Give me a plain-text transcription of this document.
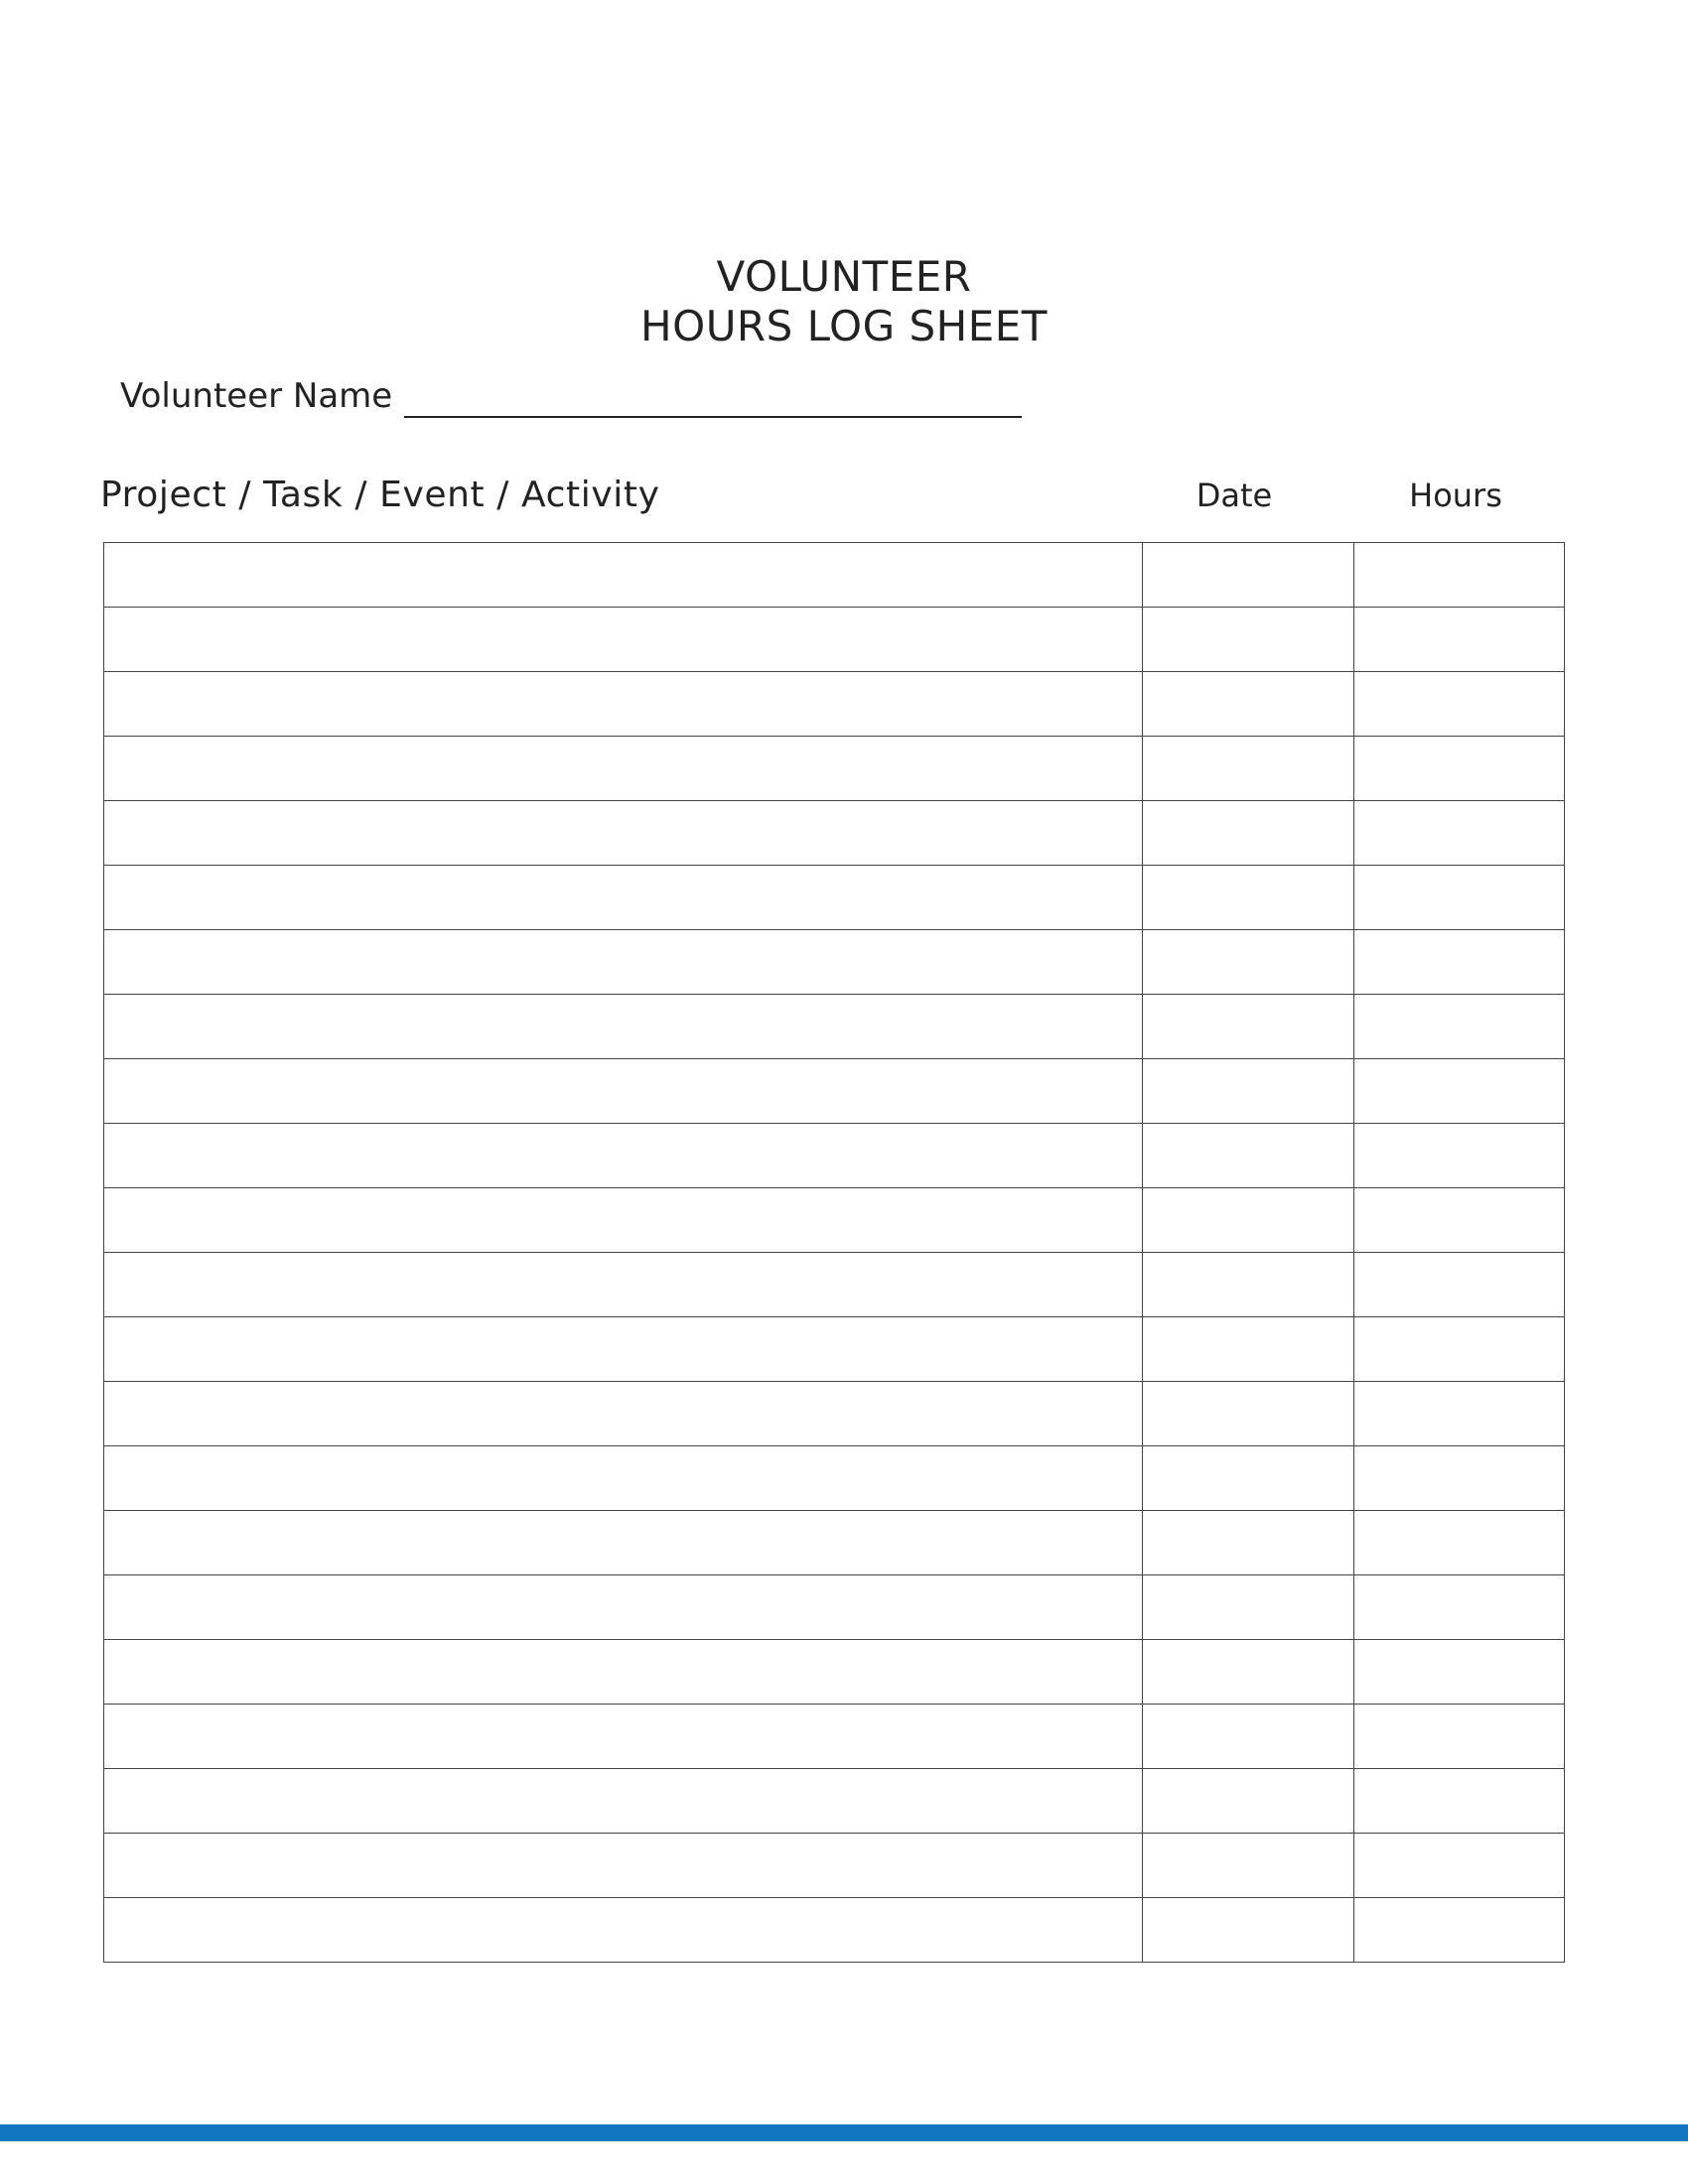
VOLUNTEER
HOURS LOG SHEET
Volunteer Name
Project / Task / Event / Activity	Date	Hours
